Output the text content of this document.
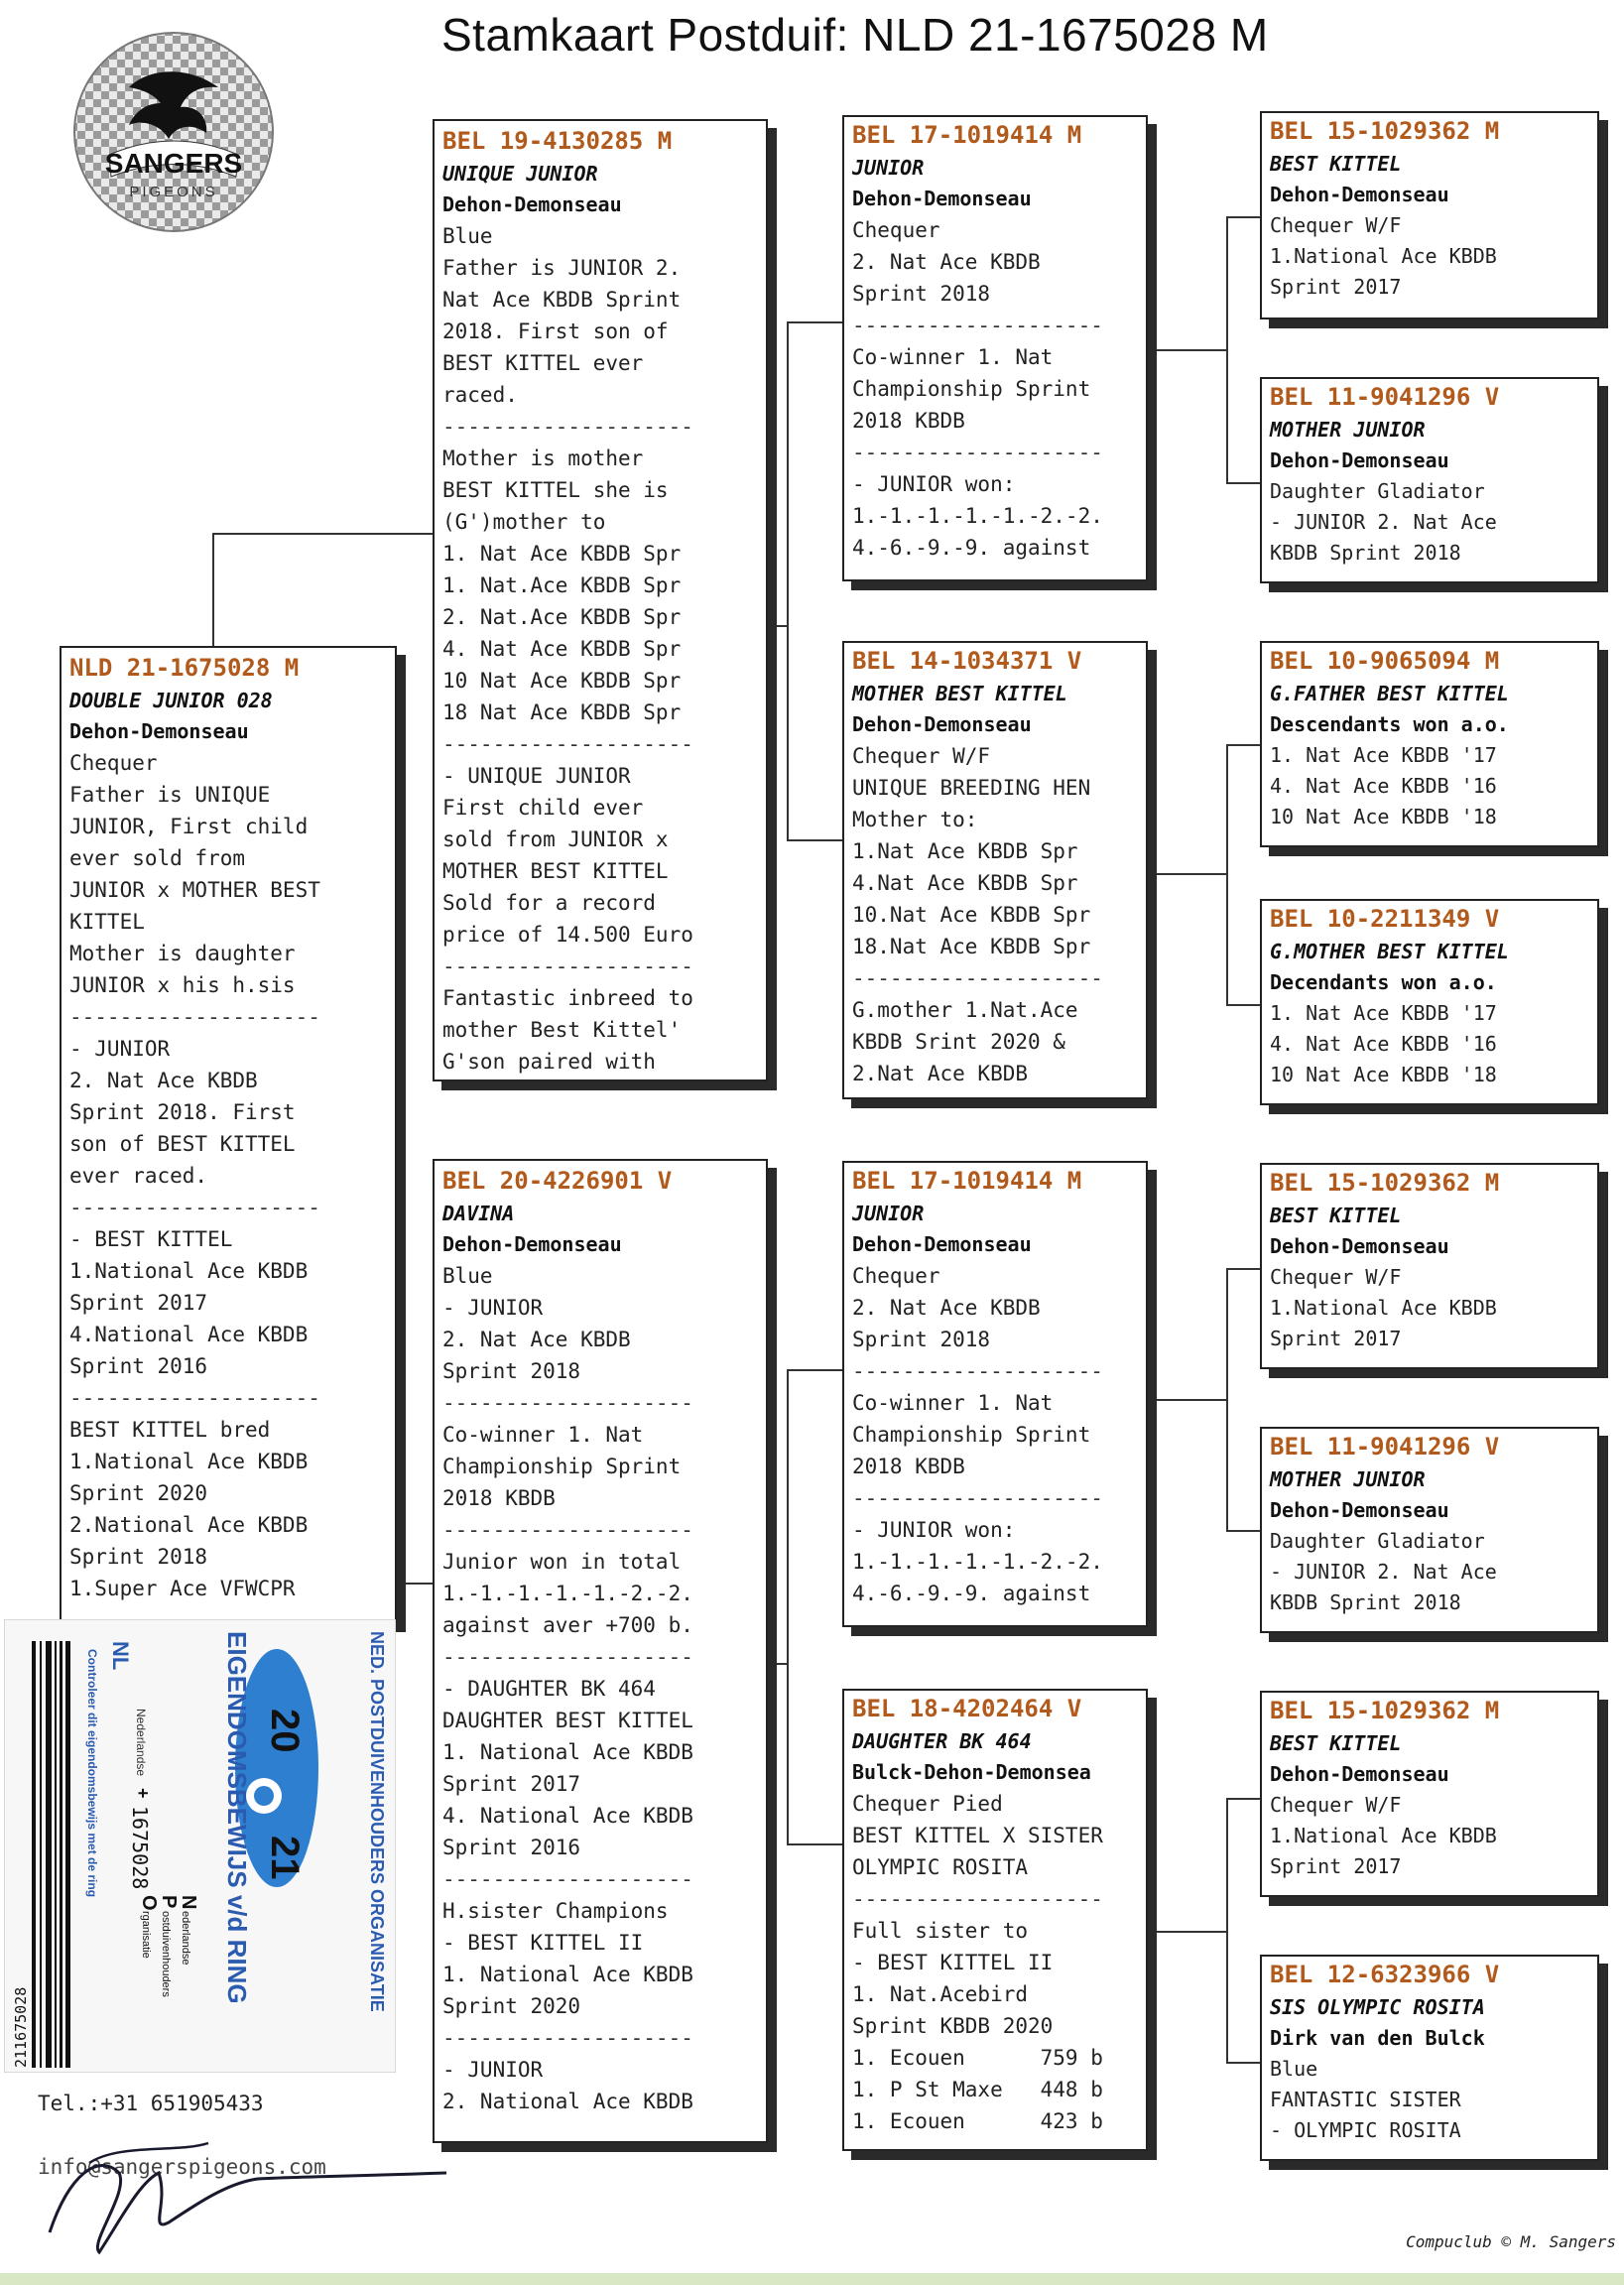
Stamkaart Postduif: NLD 21-1675028 M
SANGERS
PIGEONS
NLD 21-1675028 M
DOUBLE JUNIOR 028
Dehon-Demonseau
Chequer
Father is UNIQUE
JUNIOR, First child
ever sold from
JUNIOR x MOTHER BEST
KITTEL
Mother is daughter
JUNIOR x his h.sis
--------------------
- JUNIOR
2. Nat Ace KBDB
Sprint 2018. First
son of BEST KITTEL
ever raced.
--------------------
- BEST KITTEL
1.National Ace KBDB
Sprint 2017
4.National Ace KBDB
Sprint 2016
--------------------
BEST KITTEL bred
1.National Ace KBDB
Sprint 2020
2.National Ace KBDB
Sprint 2018
1.Super Ace VFWCPR
BEL 19-4130285 M
UNIQUE JUNIOR
Dehon-Demonseau
Blue
Father is JUNIOR 2.
Nat Ace KBDB Sprint
2018. First son of
BEST KITTEL ever
raced.
--------------------
Mother is mother
BEST KITTEL she is
(G')mother to
1. Nat Ace KBDB Spr
1. Nat.Ace KBDB Spr
2. Nat.Ace KBDB Spr
4. Nat Ace KBDB Spr
10 Nat Ace KBDB Spr
18 Nat Ace KBDB Spr
--------------------
- UNIQUE JUNIOR
First child ever
sold from JUNIOR x
MOTHER BEST KITTEL
Sold for a record
price of 14.500 Euro
--------------------
Fantastic inbreed to
mother Best Kittel'
G'son paired with
BEL 20-4226901 V
DAVINA
Dehon-Demonseau
Blue
- JUNIOR
2. Nat Ace KBDB
Sprint 2018
--------------------
Co-winner 1. Nat
Championship Sprint
2018 KBDB
--------------------
Junior won in total
1.-1.-1.-1.-1.-2.-2.
against aver +700 b.
--------------------
- DAUGHTER BK 464
DAUGHTER BEST KITTEL
1. National Ace KBDB
Sprint 2017
4. National Ace KBDB
Sprint 2016
--------------------
H.sister Champions
- BEST KITTEL II
1. National Ace KBDB
Sprint 2020
--------------------
- JUNIOR
2. National Ace KBDB
BEL 17-1019414 M
JUNIOR
Dehon-Demonseau
Chequer
2. Nat Ace KBDB
Sprint 2018
--------------------
Co-winner 1. Nat
Championship Sprint
2018 KBDB
--------------------
- JUNIOR won:
1.-1.-1.-1.-1.-2.-2.
4.-6.-9.-9. against
BEL 14-1034371 V
MOTHER BEST KITTEL
Dehon-Demonseau
Chequer W/F
UNIQUE BREEDING HEN
Mother to:
1.Nat Ace KBDB Spr
4.Nat Ace KBDB Spr
10.Nat Ace KBDB Spr
18.Nat Ace KBDB Spr
--------------------
G.mother 1.Nat.Ace
KBDB Srint 2020 &
2.Nat Ace KBDB
BEL 17-1019414 M
JUNIOR
Dehon-Demonseau
Chequer
2. Nat Ace KBDB
Sprint 2018
--------------------
Co-winner 1. Nat
Championship Sprint
2018 KBDB
--------------------
- JUNIOR won:
1.-1.-1.-1.-1.-2.-2.
4.-6.-9.-9. against
BEL 18-4202464 V
DAUGHTER BK 464
Bulck-Dehon-Demonsea
Chequer Pied
BEST KITTEL X SISTER
OLYMPIC ROSITA
--------------------
Full sister to
- BEST KITTEL II
1. Nat.Acebird
Sprint KBDB 2020
1. Ecouen      759 b
1. P St Maxe   448 b
1. Ecouen      423 b
BEL 15-1029362 M
BEST KITTEL
Dehon-Demonseau
Chequer W/F
1.National Ace KBDB
Sprint 2017
BEL 11-9041296 V
MOTHER JUNIOR
Dehon-Demonseau
Daughter Gladiator
- JUNIOR 2. Nat Ace
KBDB Sprint 2018
BEL 10-9065094 M
G.FATHER BEST KITTEL
Descendants won a.o.
1. Nat Ace KBDB '17
4. Nat Ace KBDB '16
10 Nat Ace KBDB '18
BEL 10-2211349 V
G.MOTHER BEST KITTEL
Decendants won a.o.
1. Nat Ace KBDB '17
4. Nat Ace KBDB '16
10 Nat Ace KBDB '18
BEL 15-1029362 M
BEST KITTEL
Dehon-Demonseau
Chequer W/F
1.National Ace KBDB
Sprint 2017
BEL 11-9041296 V
MOTHER JUNIOR
Dehon-Demonseau
Daughter Gladiator
- JUNIOR 2. Nat Ace
KBDB Sprint 2018
BEL 15-1029362 M
BEST KITTEL
Dehon-Demonseau
Chequer W/F
1.National Ace KBDB
Sprint 2017
BEL 12-6323966 V
SIS OLYMPIC ROSITA
Dirk van den Bulck
Blue
FANTASTIC SISTER
- OLYMPIC ROSITA
211675028
Controleer dit eigendomsbewijs met de ring NL
Nederlandse
1675028
+
20
21
EIGENDOMSBEWIJS v/d RING	NED. POSTDUIVENHOUDERS ORGANISATIE
N
ederlandse
P
ostduivenhouders
O
rganisatie
Tel.:+31 651905433
info@sangerspigeons.com
Compuclub © M. Sangers
